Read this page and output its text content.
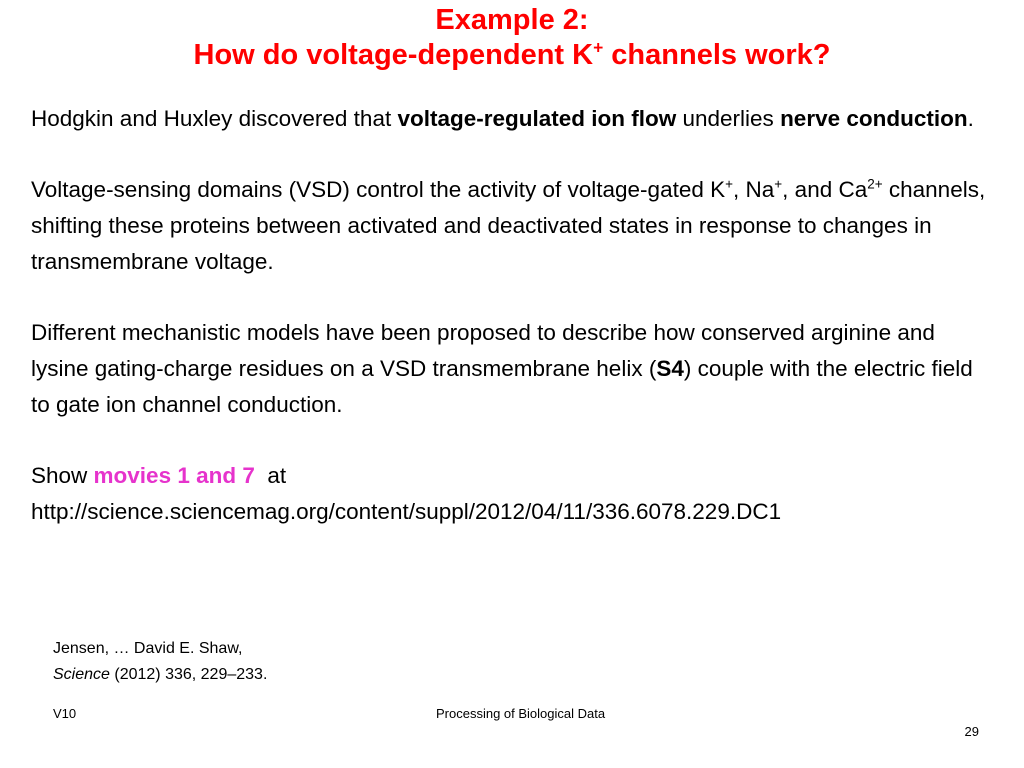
Example 2:
How do voltage-dependent K+ channels work?

Hodgkin and Huxley discovered that voltage-regulated ion flow underlies nerve conduction.

Voltage-sensing domains (VSD) control the activity of voltage-gated K+, Na+, and $Ca^{2+}$ channels, shifting these proteins between activated and deactivated states in response to changes in transmembrane voltage.

Different mechanistic models have been proposed to describe how conserved arginine and lysine gating-charge residues on a VSD transmembrane helix (S4) couple with the electric field to gate ion channel conduction.

Show movies 1 and 7  at
http://science.sciencemag.org/content/suppl/2012/04/11/336.6078.229.DC1

Jensen, … David E. Shaw,

Science (2012) 336, 229–233.

V10	Processing of Biological Data
29
